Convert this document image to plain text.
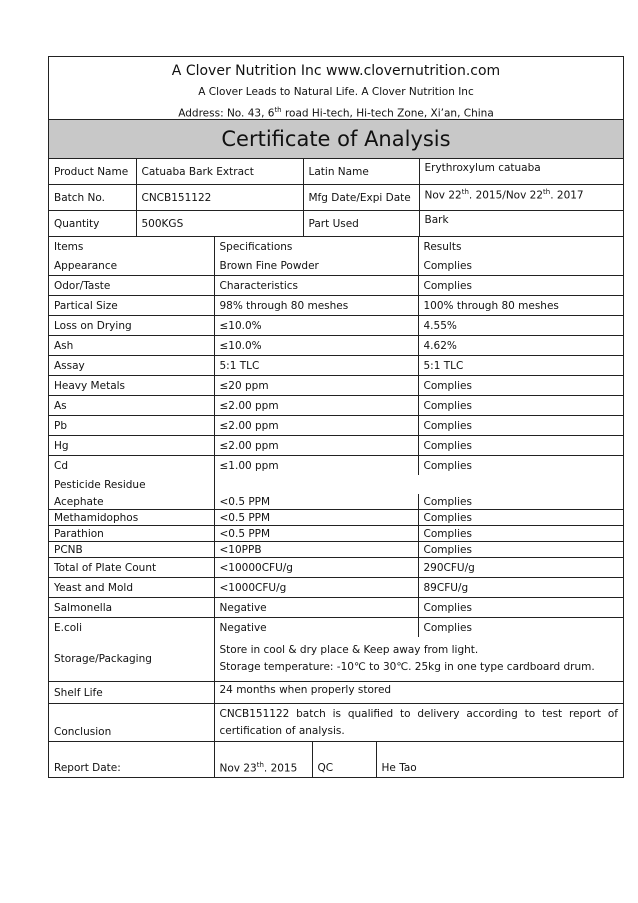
A Clover Nutrition Inc www.clovernutrition.com
A Clover Leads to Natural Life. A Clover Nutrition Inc
Address: No. 43, 6th road Hi-tech, Hi-tech Zone, Xi’an, China
Certificate of Analysis
Product Name	Catuaba Bark Extract	Latin Name	Erythroxylum catuaba
Batch No.	CNCB151122	Mfg Date/Expi Date	Nov 22th. 2015/Nov 22th. 2017
Quantity	500KGS	Part Used	Bark
Items	Specifications	Results
Appearance	Brown Fine Powder	Complies
Odor/Taste	Characteristics	Complies
Partical Size	98% through 80 meshes	100% through 80 meshes
Loss on Drying	≤10.0%	4.55%
Ash	≤10.0%	4.62%
Assay	5:1 TLC	5:1 TLC
Heavy Metals	≤20 ppm	Complies
As	≤2.00 ppm	Complies
Pb	≤2.00 ppm	Complies
Hg	≤2.00 ppm	Complies
Cd	≤1.00 ppm	Complies
Pesticide Residue		
Acephate	<0.5 PPM	Complies
Methamidophos	<0.5 PPM	Complies
Parathion	<0.5 PPM	Complies
PCNB	<10PPB	Complies
Total of Plate Count	<10000CFU/g	290CFU/g
Yeast and Mold	<1000CFU/g	89CFU/g
Salmonella	Negative	Complies
E.coli	Negative	Complies
Storage/Packaging	Store in cool & dry place & Keep away from light.
Storage temperature: -10℃ to 30℃. 25kg in one type cardboard drum.		

Shelf Life	24 months when properly stored		
Conclusion	CNCB151122 batch is qualified to delivery according to test report of certification of analysis.		
Report Date:	Nov 23th. 2015	QC	He Tao
